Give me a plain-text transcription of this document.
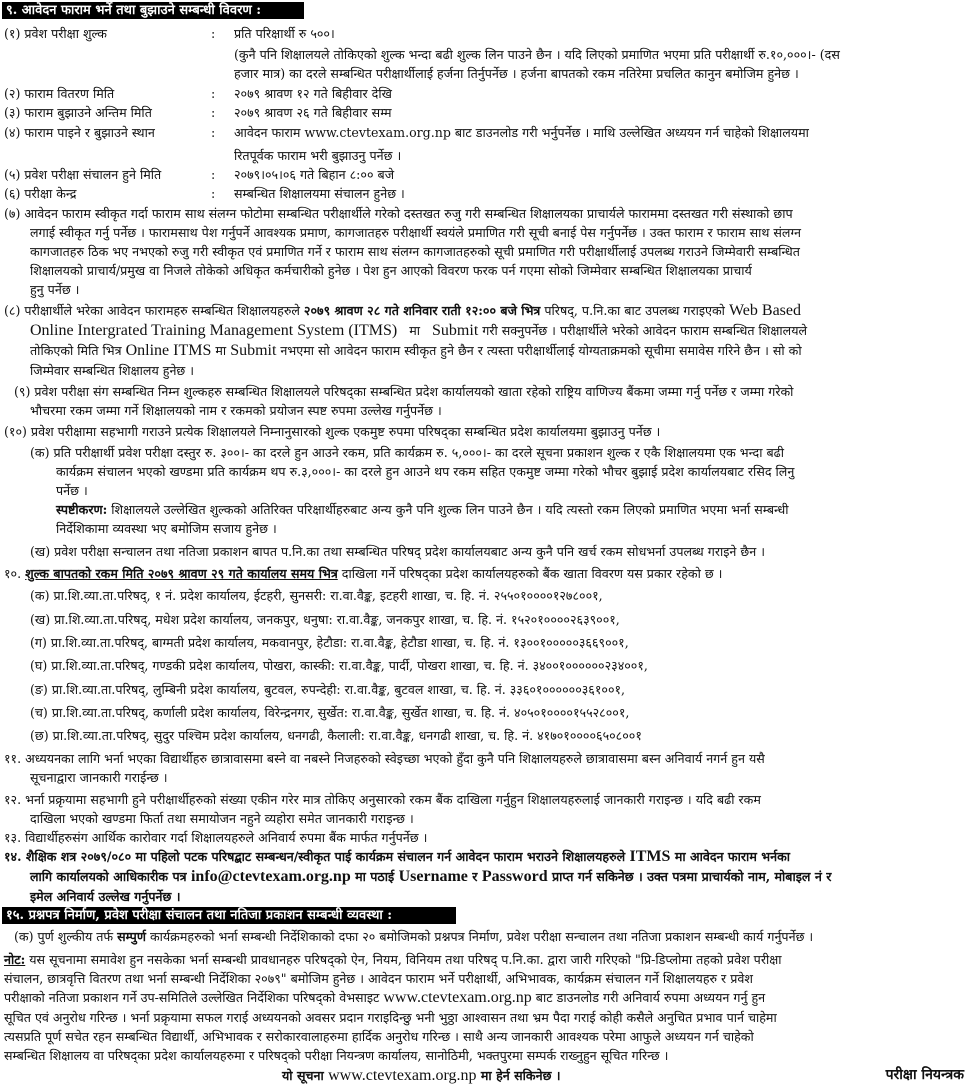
९. आवेदन फाराम भर्ने तथा बुझाउने सम्बन्धी विवरण :
(१) प्रवेश परीक्षा शुल्क	: प्रति परिक्षार्थी रु ५००।
(कुनै पनि शिक्षालयले तोकिएको शुल्क भन्दा बढी शुल्क लिन पाउने छैन । यदि लिएको प्रमाणित भएमा प्रति परीक्षार्थी रु.१०,०००।- (दस
हजार मात्र) का दरले सम्बन्धित परीक्षार्थीलाई हर्जना तिर्नुपर्नेछ । हर्जना बापतको रकम नतिरेमा प्रचलित कानुन बमोजिम हुनेछ ।
(२) फाराम वितरण मिति	: २०७९ श्रावण १२ गते बिहीवार देखि
(३) फाराम बुझाउने अन्तिम मिति	: २०७९ श्रावण २६ गते बिहीवार सम्म
(४) फाराम पाइने र बुझाउने स्थान	: आवेदन फाराम www.ctevtexam.org.np बाट डाउनलोड गरी भर्नुपर्नेछ । माथि उल्लेखित अध्ययन गर्न चाहेको शिक्षालयमा
रितपूर्वक फाराम भरी बुझाउनु पर्नेछ ।
(५) प्रवेश परीक्षा संचालन हुने मिति	: २०७९।०५।०६ गते बिहान ८:०० बजे
(६) परीक्षा केन्द्र	: सम्बन्धित शिक्षालयमा संचालन हुनेछ ।
(७) आवेदन फाराम स्वीकृत गर्दा फाराम साथ संलग्न फोटोमा सम्बन्धित परीक्षार्थीले गरेको दस्तखत रुजु गरी सम्बन्धित शिक्षालयका प्राचार्यले फाराममा दस्तखत गरी संस्थाको छाप
लगाई स्वीकृत गर्नु पर्नेछ । फारामसाथ पेश गर्नुपर्ने आवश्यक प्रमाण, कागजातहरु परीक्षार्थी स्वयंले प्रमाणित गरी सूची बनाई पेस गर्नुपर्नेछ । उक्त फाराम र फाराम साथ संलग्न
कागजातहरु ठिक भए नभएको रुजु गरी स्वीकृत एवं प्रमाणित गर्ने र फाराम साथ संलग्न कागजातहरुको सूची प्रमाणित गरी परीक्षार्थीलाई उपलब्ध गराउने जिम्मेवारी सम्बन्धित
शिक्षालयको प्राचार्य/प्रमुख वा निजले तोकेको अधिकृत कर्मचारीको हुनेछ । पेश हुन आएको विवरण फरक पर्न गएमा सोको जिम्मेवार सम्बन्धित शिक्षालयका प्राचार्य
हुनु पर्नेछ ।
(८) परीक्षार्थीले भरेका आवेदन फारामहरु सम्बन्धित शिक्षालयहरुले २०७९ श्रावण २८ गते शनिवार राती १२:०० बजे भित्र परिषद्, प.नि.का बाट उपलब्ध गराइएको Web Based
Online Intergrated Training Management System (ITMS) मा Submit गरी सक्नुपर्नेछ । परीक्षार्थीले भरेको आवेदन फाराम सम्बन्धित शिक्षालयले
तोकिएको मिति भित्र Online ITMS मा Submit नभएमा सो आवेदन फाराम स्वीकृत हुने छैन र त्यस्ता परीक्षार्थीलाई योग्यताक्रमको सूचीमा समावेस गरिने छैन । सो को
जिम्मेवार सम्बन्धित शिक्षालय हुनेछ ।
(९) प्रवेश परीक्षा संग सम्बन्धित निम्न शुल्कहरु सम्बन्धित शिक्षालयले परिषद्का सम्बन्धित प्रदेश कार्यालयको खाता रहेको राष्ट्रिय वाणिज्य बैंकमा जम्मा गर्नु पर्नेछ र जम्मा गरेको
भौचरमा रकम जम्मा गर्ने शिक्षालयको नाम र रकमको प्रयोजन स्पष्ट रुपमा उल्लेख गर्नुपर्नेछ ।
(१०) प्रवेश परीक्षामा सहभागी गराउने प्रत्येक शिक्षालयले निम्नानुसारको शुल्क एकमुष्ट रुपमा परिषद्का सम्बन्धित प्रदेश कार्यालयमा बुझाउनु पर्नेछ ।
(क) प्रति परीक्षार्थी प्रवेश परीक्षा दस्तुर रु. ३००।- का दरले हुन आउने रकम, प्रति कार्यक्रम रु. ५,०००।- का दरले सूचना प्रकाशन शुल्क र एकै शिक्षालयमा एक भन्दा बढी
कार्यक्रम संचालन भएको खण्डमा प्रति कार्यक्रम थप रु.३,०००।- का दरले हुन आउने थप रकम सहित एकमुष्ट जम्मा गरेको भौचर बुझाई प्रदेश कार्यालयबाट रसिद लिनु
पर्नेछ ।
स्पष्टीकरण: शिक्षालयले उल्लेखित शुल्कको अतिरिक्त परिक्षार्थीहरुबाट अन्य कुनै पनि शुल्क लिन पाउने छैन । यदि त्यस्तो रकम लिएको प्रमाणित भएमा भर्ना सम्बन्धी
निर्देशिकामा व्यवस्था भए बमोजिम सजाय हुनेछ ।
(ख) प्रवेश परीक्षा सन्चालन तथा नतिजा प्रकाशन बापत प.नि.का तथा सम्बन्धित परिषद् प्रदेश कार्यालयबाट अन्य कुनै पनि खर्च रकम सोधभर्ना उपलब्ध गराइने छैन ।
१०. शुल्क बापतको रकम मिति २०७९ श्रावण २९ गते कार्यालय समय भित्र दाखिला गर्ने परिषद्का प्रदेश कार्यालयहरुको बैंक खाता विवरण यस प्रकार रहेको छ ।
(क) प्रा.शि.व्या.ता.परिषद्, १ नं. प्रदेश कार्यालय, ईटहरी, सुनसरी: रा.वा.वैङ्क, इटहरी शाखा, च. हि. नं. २५५०१००००१२७८००१,
(ख) प्रा.शि.व्या.ता.परिषद्, मधेश प्रदेश कार्यालय, जनकपुर, धनुषा: रा.वा.वैङ्क, जनकपुर शाखा, च. हि. नं. १५२०१००००२६३९००१,
(ग) प्रा.शि.व्या.ता.परिषद्, बाग्मती प्रदेश कार्यालय, मकवानपुर, हेटौडा: रा.वा.वैङ्क, हेटौडा शाखा, च. हि. नं. १३००१०००००३६६९००१,
(घ) प्रा.शि.व्या.ता.परिषद्, गण्डकी प्रदेश कार्यालय, पोखरा, कास्की: रा.वा.वैङ्क, पार्दी, पोखरा शाखा, च. हि. नं. ३४००१००००००२३४००१,
(ङ) प्रा.शि.व्या.ता.परिषद्, लुम्बिनी प्रदेश कार्यालय, बुटवल, रुपन्देही: रा.वा.वैङ्क, बुटवल शाखा, च. हि. नं. ३३६०१००००००३६१००१,
(च) प्रा.शि.व्या.ता.परिषद्, कर्णाली प्रदेश कार्यालय, विरेन्द्रनगर, सुर्खेत: रा.वा.वैङ्क, सुर्खेत शाखा, च. हि. नं. ४०५०१००००१५५२८००१,
(छ) प्रा.शि.व्या.ता.परिषद्, सुदुर पश्चिम प्रदेश कार्यालय, धनगढी, कैलाली: रा.वा.वैङ्क, धनगढी शाखा, च. हि. नं. ४१७०१००००६५०८००१
११. अध्ययनका लागि भर्ना भएका विद्यार्थीहरु छात्रावासमा बस्ने वा नबस्ने निजहरुको स्वेइच्छा भएको हुँदा कुनै पनि शिक्षालयहरुले छात्रावासमा बस्न अनिवार्य नगर्न हुन यसै
सूचनाद्वारा जानकारी गराईन्छ ।
१२. भर्ना प्रक्रृयामा सहभागी हुने परीक्षार्थीहरुको संख्या एकीन गरेर मात्र तोकिए अनुसारको रकम बैंक दाखिला गर्नुहुन शिक्षालयहरुलाई जानकारी गराइन्छ । यदि बढी रकम
दाखिला भएको खण्डमा फिर्ता तथा समायोजन नहुने व्यहोरा समेत जानकारी गराइन्छ ।
१३. विद्यार्थीहरुसंग आर्थिक कारोवार गर्दा शिक्षालयहरुले अनिवार्य रुपमा बैंक मार्फत गर्नुपर्नेछ ।
१४. शैक्षिक शत्र २०७९/०८० मा पहिलो पटक परिषद्बाट सम्बन्धन/स्वीकृत पाई कार्यक्रम संचालन गर्न आवेदन फाराम भराउने शिक्षालयहरुले ITMS मा आवेदन फाराम भर्नका
लागि कार्यालयको आधिकारीक पत्र info@ctevtexam.org.np मा पठाई Username र Password प्राप्त गर्न सकिनेछ । उक्त पत्रमा प्राचार्यको नाम, मोबाइल नं र
इमेल अनिवार्य उल्लेख गर्नुपर्नेछ ।
१५. प्रश्नपत्र निर्माण, प्रवेश परीक्षा संचालन तथा नतिजा प्रकाशन सम्बन्धी व्यवस्था :
(क) पुर्ण शुल्कीय तर्फ सम्पुर्ण कार्यक्रमहरुको भर्ना सम्बन्धी निर्देशिकाको दफा २० बमोजिमको प्रश्नपत्र निर्माण, प्रवेश परीक्षा सन्चालन तथा नतिजा प्रकाशन सम्बन्धी कार्य गर्नुपर्नेछ ।
नोट: यस सूचनामा समावेश हुन नसकेका भर्ना सम्बन्धी प्रावधानहरु परिषद्को ऐन, नियम, विनियम तथा परिषद् प.नि.का. द्वारा जारी गरिएको "प्रि-डिप्लोमा तहको प्रवेश परीक्षा
संचालन, छात्रवृत्ति वितरण तथा भर्ना सम्बन्धी निर्देशिका २०७९" बमोजिम हुनेछ । आवेदन फाराम भर्ने परीक्षार्थी, अभिभावक, कार्यक्रम संचालन गर्ने शिक्षालयहरु र प्रवेश
परीक्षाको नतिजा प्रकाशन गर्ने उप-समितिले उल्लेखित निर्देशिका परिषद्को वेभसाइट www.ctevtexam.org.np बाट डाउनलोड गरी अनिवार्य रुपमा अध्ययन गर्नु हुन
सूचित एवं अनुरोध गरिन्छ । भर्ना प्रक्रृयामा सफल गराई अध्ययनको अवसर प्रदान गराइदिन्छु भनी भुठ्ठा आश्वासन तथा भ्रम पैदा गराई कोही कसैले अनुचित प्रभाव पार्न चाहेमा
त्यसप्रति पूर्ण सचेत रहन सम्बन्धित विद्यार्थी, अभिभावक र सरोकारवालाहरुमा हार्दिक अनुरोध गरिन्छ । साथै अन्य जानकारी आवश्यक परेमा आफुले अध्ययन गर्न चाहेको
सम्बन्धित शिक्षालय वा परिषद्का प्रदेश कार्यालयहरुमा र परिषद्को परीक्षा नियन्त्रण कार्यालय, सानोठिमी, भक्तपुरमा सम्पर्क राख्नुहुन सूचित गरिन्छ ।
यो सूचना www.ctevtexam.org.np मा हेर्न सकिनेछ ।	परीक्षा नियन्त्रक
